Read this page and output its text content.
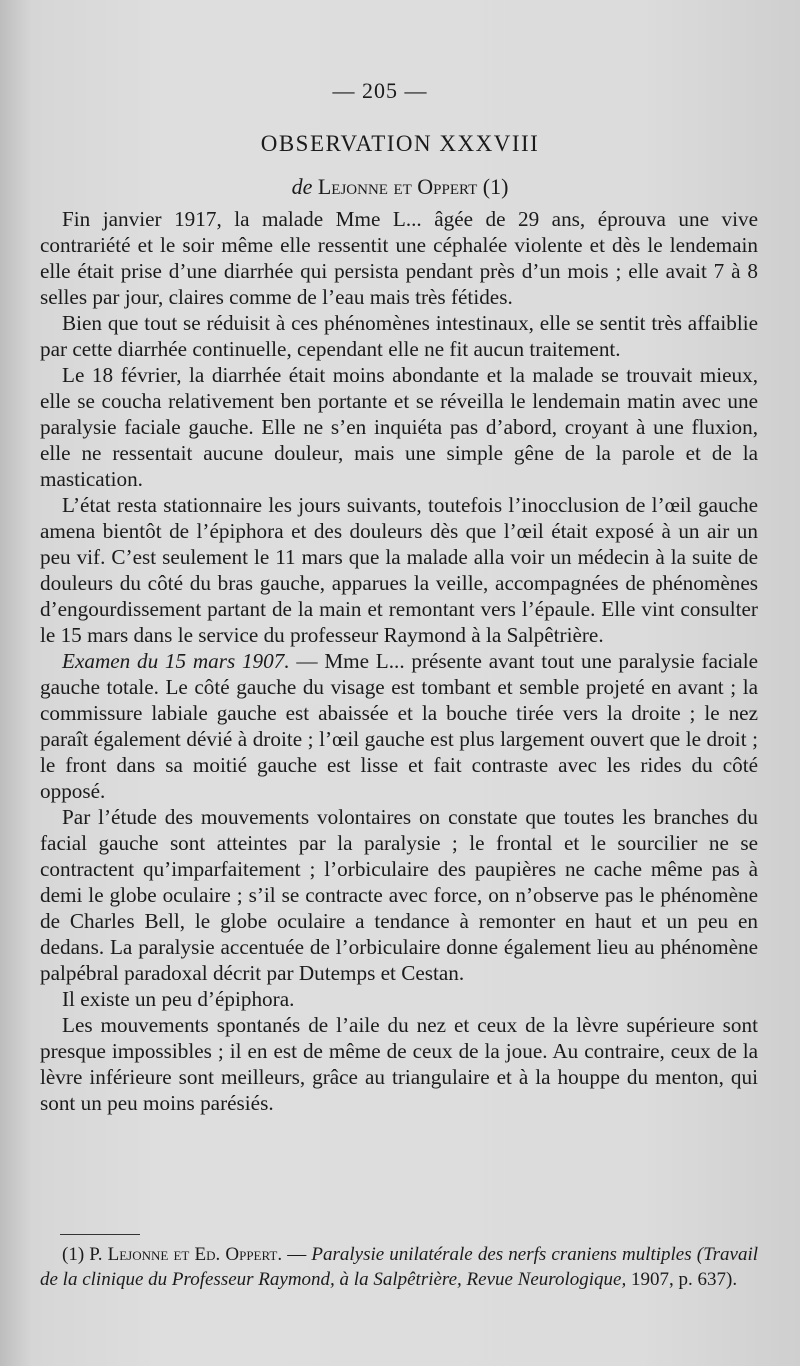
— 205 —
OBSERVATION XXXVIII
de Lejonne et Oppert (1)

Fin janvier 1917, la malade Mme L... âgée de 29 ans, éprouva une vive contrariété et le soir même elle ressentit une céphalée violente et dès le lendemain elle était prise d’une diarrhée qui persista pendant près d’un mois ; elle avait 7 à 8 selles par jour, claires comme de l’eau mais très fétides.

Bien que tout se réduisit à ces phénomènes intestinaux, elle se sentit très affaiblie par cette diarrhée continuelle, cependant elle ne fit aucun traitement.

Le 18 février, la diarrhée était moins abondante et la malade se trouvait mieux, elle se coucha relativement ben portante et se réveilla le lendemain matin avec une paralysie faciale gauche. Elle ne s’en inquiéta pas d’abord, croyant à une fluxion, elle ne ressentait aucune douleur, mais une simple gêne de la parole et de la mastication.

L’état resta stationnaire les jours suivants, toutefois l’inocclusion de l’œil gauche amena bientôt de l’épiphora et des douleurs dès que l’œil était exposé à un air un peu vif. C’est seulement le 11 mars que la malade alla voir un médecin à la suite de douleurs du côté du bras gauche, apparues la veille, accompagnées de phénomènes d’engourdissement partant de la main et remontant vers l’épaule. Elle vint consulter le 15 mars dans le service du professeur Raymond à la Salpêtrière.

Examen du 15 mars 1907. — Mme L... présente avant tout une paralysie faciale gauche totale. Le côté gauche du visage est tombant et semble projeté en avant ; la commissure labiale gauche est abaissée et la bouche tirée vers la droite ; le nez paraît également dévié à droite ; l’œil gauche est plus largement ouvert que le droit ; le front dans sa moitié gauche est lisse et fait contraste avec les rides du côté opposé.

Par l’étude des mouvements volontaires on constate que toutes les branches du facial gauche sont atteintes par la paralysie ; le frontal et le sourcilier ne se contractent qu’imparfaitement ; l’orbiculaire des paupières ne cache même pas à demi le globe oculaire ; s’il se contracte avec force, on n’observe pas le phénomène de Charles Bell, le globe oculaire a tendance à remonter en haut et un peu en dedans. La paralysie accentuée de l’orbiculaire donne également lieu au phénomène palpébral paradoxal décrit par Dutemps et Cestan.

Il existe un peu d’épiphora.

Les mouvements spontanés de l’aile du nez et ceux de la lèvre supérieure sont presque impossibles ; il en est de même de ceux de la joue. Au contraire, ceux de la lèvre inférieure sont meilleurs, grâce au triangulaire et à la houppe du menton, qui sont un peu moins parésiés.

(1) P. Lejonne et Ed. Oppert. — Paralysie unilatérale des nerfs craniens multiples (Travail de la clinique du Professeur Raymond, à la Salpêtrière, Revue Neurologique, 1907, p. 637).
